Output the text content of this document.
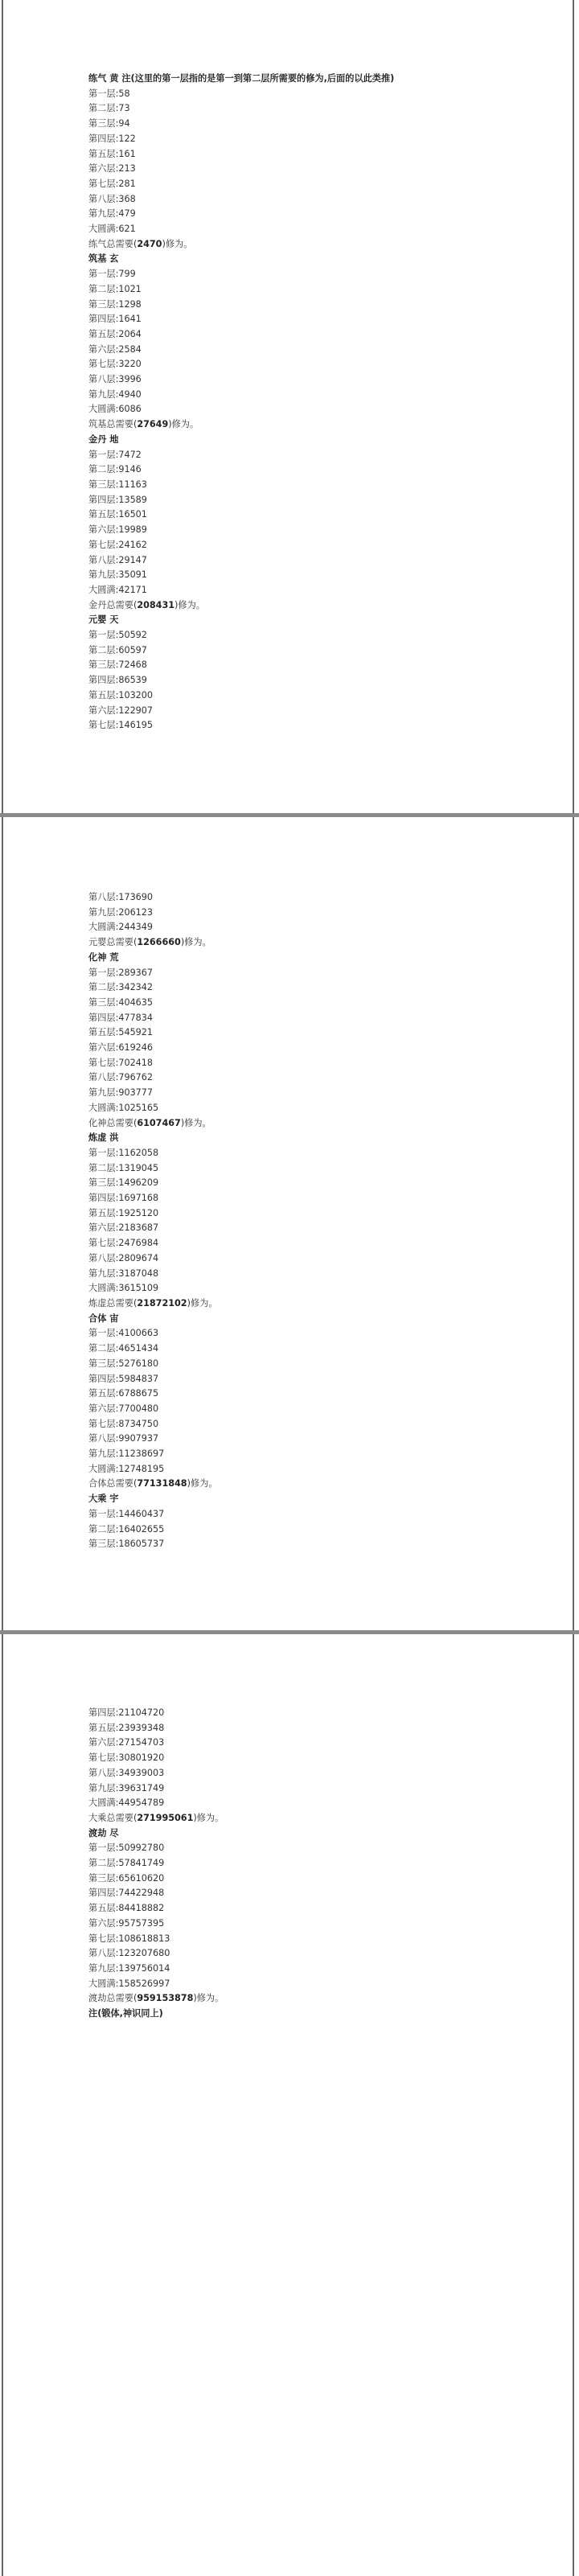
练气 黄 注(这里的第一层指的是第一到第二层所需要的修为,后面的以此类推)
第一层:58
第二层:73
第三层:94
第四层:122
第五层:161
第六层:213
第七层:281
第八层:368
第九层:479
大圆满:621
练气总需要(2470)修为。
筑基 玄
第一层:799
第二层:1021
第三层:1298
第四层:1641
第五层:2064
第六层:2584
第七层:3220
第八层:3996
第九层:4940
大圆满:6086
筑基总需要(27649)修为。
金丹 地
第一层:7472
第二层:9146
第三层:11163
第四层:13589
第五层:16501
第六层:19989
第七层:24162
第八层:29147
第九层:35091
大圆满:42171
金丹总需要(208431)修为。
元婴 天
第一层:50592
第二层:60597
第三层:72468
第四层:86539
第五层:103200
第六层:122907
第七层:146195
第八层:173690
第九层:206123
大圆满:244349
元婴总需要(1266660)修为。
化神 荒
第一层:289367
第二层:342342
第三层:404635
第四层:477834
第五层:545921
第六层:619246
第七层:702418
第八层:796762
第九层:903777
大圆满:1025165
化神总需要(6107467)修为。
炼虚 洪
第一层:1162058
第二层:1319045
第三层:1496209
第四层:1697168
第五层:1925120
第六层:2183687
第七层:2476984
第八层:2809674
第九层:3187048
大圆满:3615109
炼虚总需要(21872102)修为。
合体 宙
第一层:4100663
第二层:4651434
第三层:5276180
第四层:5984837
第五层:6788675
第六层:7700480
第七层:8734750
第八层:9907937
第九层:11238697
大圆满:12748195
合体总需要(77131848)修为。
大乘 宇
第一层:14460437
第二层:16402655
第三层:18605737
第四层:21104720
第五层:23939348
第六层:27154703
第七层:30801920
第八层:34939003
第九层:39631749
大圆满:44954789
大乘总需要(271995061)修为。
渡劫 尽
第一层:50992780
第二层:57841749
第三层:65610620
第四层:74422948
第五层:84418882
第六层:95757395
第七层:108618813
第八层:123207680
第九层:139756014
大圆满:158526997
渡劫总需要(959153878)修为。
注(锻体,神识同上)
